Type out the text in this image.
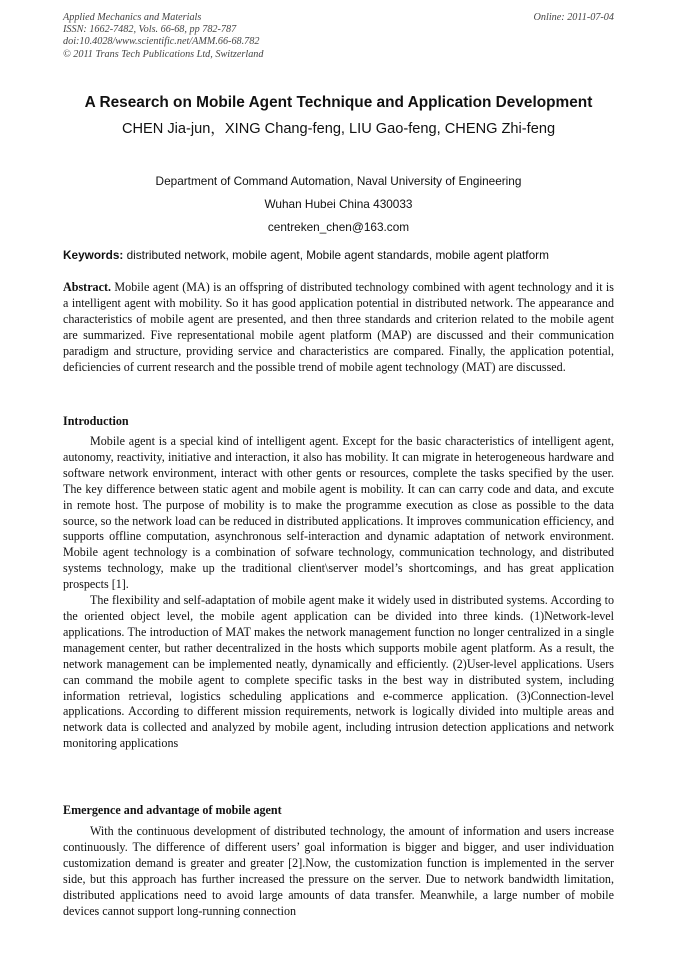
Applied Mechanics and Materials
ISSN: 1662-7482, Vols. 66-68, pp 782-787
doi:10.4028/www.scientific.net/AMM.66-68.782
© 2011 Trans Tech Publications Ltd, Switzerland
Online: 2011-07-04
A Research on Mobile Agent Technique and Application Development
CHEN Jia-jun，XING Chang-feng, LIU Gao-feng, CHENG Zhi-feng
Department of Command Automation, Naval University of Engineering
Wuhan Hubei China 430033
centreken_chen@163.com
Keywords: distributed network, mobile agent, Mobile agent standards, mobile agent platform
Abstract. Mobile agent (MA) is an offspring of distributed technology combined with agent technology and it is a intelligent agent with mobility. So it has good application potential in distributed network. The appearance and characteristics of mobile agent are presented, and then three standards and criterion related to the mobile agent are summarized. Five representational mobile agent platform (MAP) are discussed and their communication paradigm and structure, providing service and characteristics are compared. Finally, the application potential, deficiencies of current research and the possible trend of mobile agent technology (MAT) are discussed.
Introduction

Mobile agent is a special kind of intelligent agent. Except for the basic characteristics of intelligent agent, autonomy, reactivity, initiative and interaction, it also has mobility. It can migrate in heterogeneous hardware and software network environment, interact with other gents or resources, complete the tasks specified by the user. The key difference between static agent and mobile agent is mobility. It can can carry code and data, and excute in remote host. The purpose of mobility is to make the programme execution as close as possible to the data source, so the network load can be reduced in distributed applications. It improves communication efficiency, and supports offline computation, asynchronous self-interaction and dynamic adaptation of network environment. Mobile agent technology is a combination of sofware technology, communication technology, and distributed systems technology, make up the traditional client\server model’s shortcomings, and has great application prospects [1].

The flexibility and self-adaptation of mobile agent make it widely used in distributed systems. According to the oriented object level, the mobile agent application can be divided into three kinds. (1)Network-level applications. The introduction of MAT makes the network management function no longer centralized in a single management center, but rather decentralized in the hosts which supports mobile agent platform. As a result, the network management can be implemented neatly, dynamically and efficiently. (2)User-level applications. Users can command the mobile agent to complete specific tasks in the best way in distributed system, including information retrieval, logistics scheduling applications and e-commerce application. (3)Connection-level applications. According to different mission requirements, network is logically divided into multiple areas and network data is collected and analyzed by mobile agent, including intrusion detection applications and network monitoring applications

Emergence and advantage of mobile agent

With the continuous development of distributed technology, the amount of information and users increase continuously. The difference of different users’ goal information is bigger and bigger, and user individuation customization demand is greater and greater [2].Now, the customization function is implemented in the server side, but this approach has further increased the pressure on the server. Due to network bandwidth limitation, distributed applications need to avoid large amounts of data transfer. Meanwhile, a large number of mobile devices cannot support long-running connection
